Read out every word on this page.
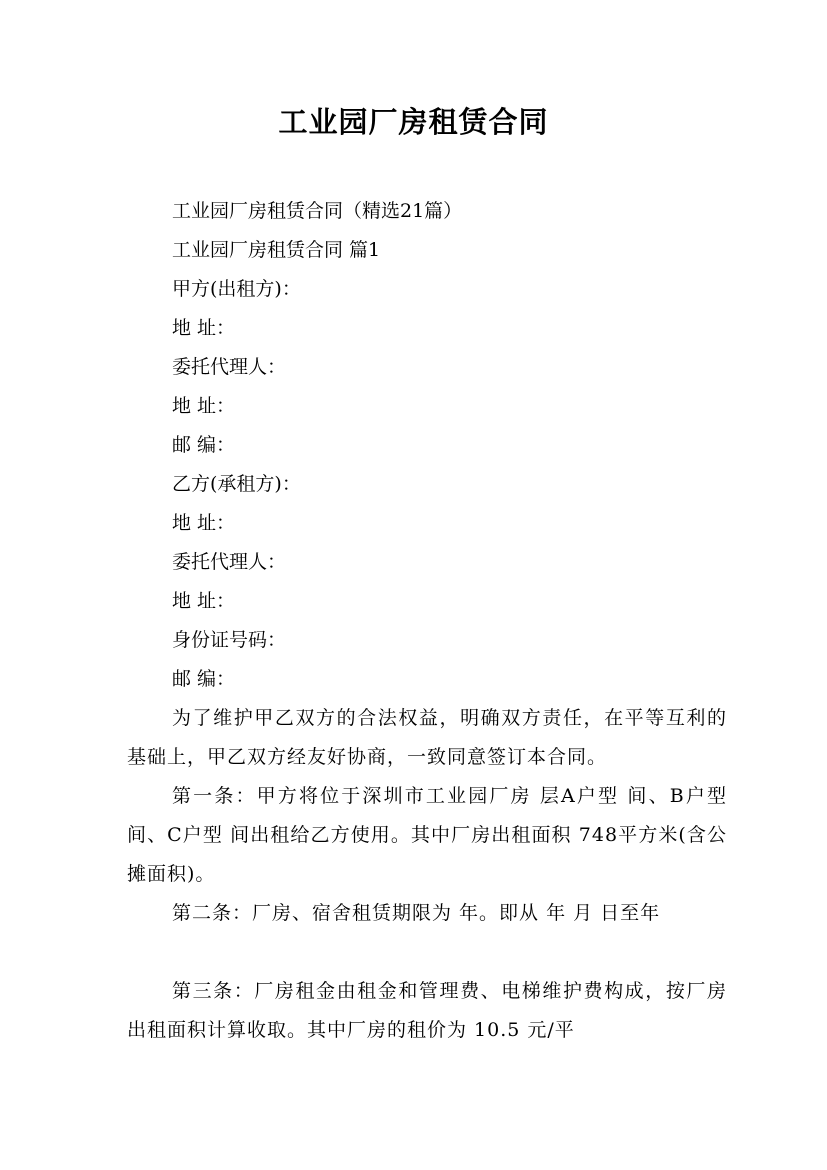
工业园厂房租赁合同

工业园厂房租赁合同（精选21篇）

工业园厂房租赁合同 篇1

甲方(出租方)：

地 址：

委托代理人：

地 址：

邮 编：

乙方(承租方)：

地 址：

委托代理人：

地 址：

身份证号码：

邮 编：

为了维护甲乙双方的合法权益，明确双方责任，在平等互利的基础上，甲乙双方经友好协商，一致同意签订本合同。

第一条：甲方将位于深圳市工业园厂房 层A户型 间、B户型 间、C户型 间出租给乙方使用。其中厂房出租面积 748平方米(含公摊面积)。

第二条：厂房、宿舍租赁期限为 年。即从 年 月 日至年

第三条：厂房租金由租金和管理费、电梯维护费构成，按厂房出租面积计算收取。其中厂房的租价为 10.5 元/平
